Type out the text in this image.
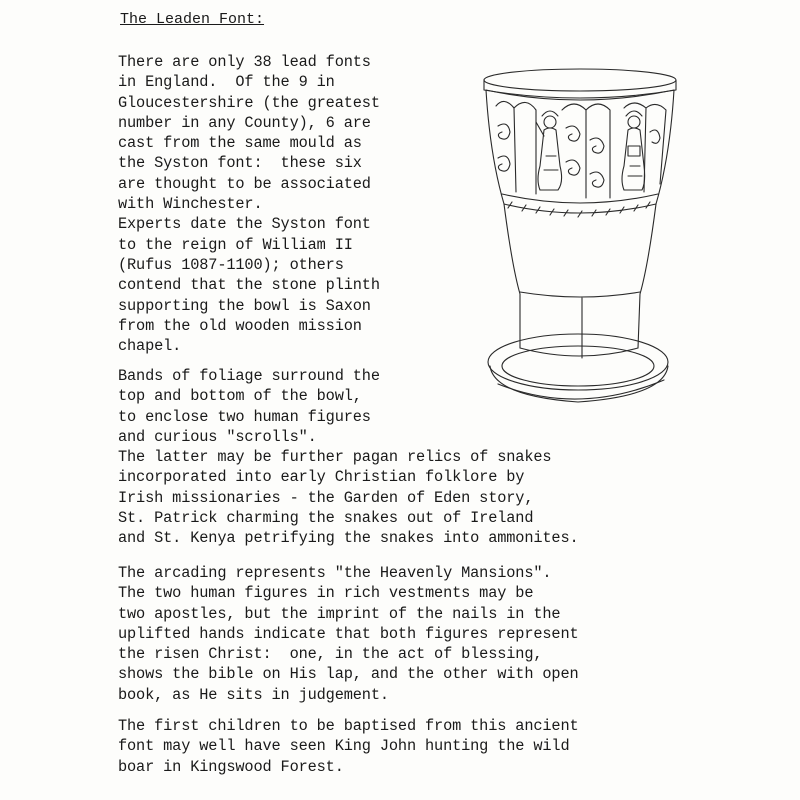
The Leaden Font:
There are only 38 lead fonts
in England.  Of the 9 in
Gloucestershire (the greatest
number in any County), 6 are
cast from the same mould as
the Syston font:  these six
are thought to be associated
with Winchester.
Experts date the Syston font
to the reign of William II
(Rufus 1087-1100); others
contend that the stone plinth
supporting the bowl is Saxon
from the old wooden mission
chapel.
Bands of foliage surround the
top and bottom of the bowl,
to enclose two human figures
and curious "scrolls".
The latter may be further pagan relics of snakes
incorporated into early Christian folklore by
Irish missionaries - the Garden of Eden story,
St. Patrick charming the snakes out of Ireland
and St. Kenya petrifying the snakes into ammonites.
The arcading represents "the Heavenly Mansions".
The two human figures in rich vestments may be
two apostles, but the imprint of the nails in the
uplifted hands indicate that both figures represent
the risen Christ:  one, in the act of blessing,
shows the bible on His lap, and the other with open
book, as He sits in judgement.
The first children to be baptised from this ancient
font may well have seen King John hunting the wild
boar in Kingswood Forest.
